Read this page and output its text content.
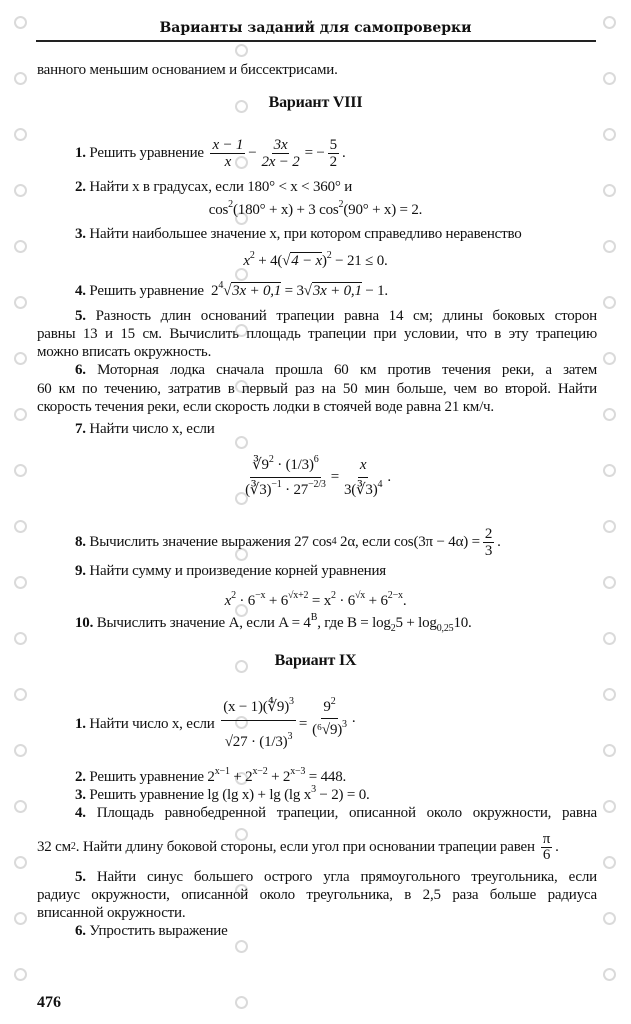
Варианты заданий для самопроверки
ванного меньшим основанием и биссектрисами.
Вариант VIII
1.
Решить уравнение
$\frac{x - 1}{x} - \frac{3x}{2x - 2}$ = − $\frac{5}{2}$ .
2. Найти x в градусах, если 180° < x < 360° и
$\cos^2(180^\circ + x) + 3$ $\cos^2(90^\circ + x) = 2$.
3. Найти наибольшее значение x, при котором справедливо неравенство
$x^2 + 4(√4 - x)^2 - 21 \le 0$.
4. Решить уравнение $2^4√3x + 0,1 = 3√3x + 0,1 - 1$.
5. Разность длин оснований трапеции равна 14 см; длины боковых сторон
равны 13 и 15 см. Вычислить площадь трапеции при условии, что в эту трапецию
можно вписать окружность.
6. Моторная лодка сначала прошла 60 км против течения реки, а затем
60 км по течению, затратив в первый раз на 50 мин больше, чем во второй. Найти
скорость течения реки, если скорость лодки в стоячей воде равна 21 км/ч.
7. Найти число x, если
$\frac{∛9^2 \cdot (1/3)^6}{(∛3)^{-1} \cdot 27^{-2/3}} = \frac{x}{3(∛3)^4}$ .
8.
Вычислить значение выражения 27 cos 4 2α, если $\cos(3\pi - 4\alpha) = \frac{2}{3}$ .
9. Найти сумму и произведение корней уравнения
$x^2 \cdot 6^{-x} + 6^{√x+2} = x^2 \cdot 6^{√x} + 6^{2-x}$.
10. Вычислить значение A, если $A = 4^B$, где $B = \log_25 + \log_{0,25}10$.
Вариант IX
1.
Найти число x, если
$\frac{(x - 1)(∜9)^3}{√27 \cdot (1/3)^3} = \frac{9^2}{(^6√9)^3}$ .
2. Решить уравнение $2^{x-1} + 2^{x-2} + 2^{x-3} = 448$.
3. Решить уравнение lg (lg x) + lg (lg $x^3 - 2) = 0$.
4. Площадь равнобедренной трапеции, описанной около окружности, равна
32 см 2 . Найти длину боковой стороны, если угол при основании трапеции равен $\frac{\pi}{6}$ .
5. Найти синус большего острого угла прямоугольного треугольника, если
радиус окружности, описанной около треугольника, в 2,5 раза больше радиуса
вписанной окружности.
6. Упростить выражение
476
